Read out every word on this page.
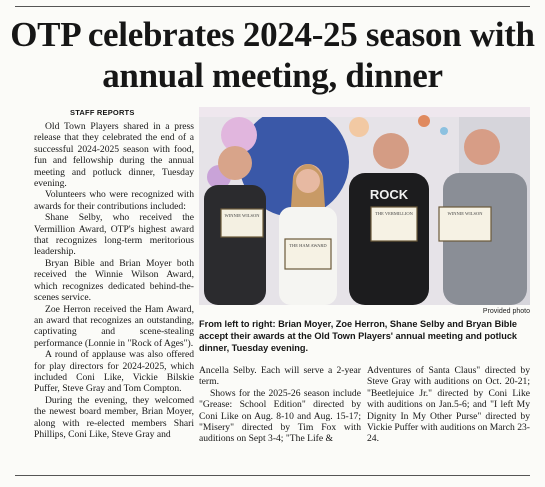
OTP celebrates 2024-25 season with annual meeting, dinner
STAFF REPORTS

Old Town Players shared in a press release that they celebrated the end of a successful 2024-2025 season with food, fun and fellowship during the annual meeting and potluck dinner, Tuesday evening.

Volunteers who were recognized with awards for their contributions included:

Shane Selby, who received the Vermillion Award, OTP's highest award that recognizes long-term meritorious leadership.

Bryan Bible and Brian Moyer both received the Winnie Wilson Award, which recognizes dedicated behind-the-scenes service.

Zoe Herron received the Ham Award, an award that recognizes an outstanding, captivating and scene-stealing performance (Lonnie in "Rock of Ages").

A round of applause was also offered for play directors for 2024-2025, which included Coni Like, Vickie Bilskie Puffer, Steve Gray and Tom Compton.

During the evening, they welcomed the newest board member, Brian Moyer, along with re-elected members Shari Phillips, Coni Like, Steve Gray and

WINNIE WILSON
THE HAM AWARD
ROCK
THE VERMILLION	WINNIE WILSON
Provided photo
From left to right: Brian Moyer, Zoe Herron, Shane Selby and Bryan Bible accept their awards at the Old Town Players' annual meeting and potluck dinner, Tuesday evening.

Ancella Selby. Each will serve a 2-year term.

Shows for the 2025-26 season include "Grease: School Edition" directed by Coni Like on Aug. 8-10 and Aug. 15-17; "Misery" directed by Tim Fox with auditions on Sept 3-4; "The Life &

Adventures of Santa Claus" directed by Steve Gray with auditions on Oct. 20-21; "Beetlejuice Jr." directed by Coni Like with auditions on Jan.5-6; and "I left My Dignity In My Other Purse" directed by Vickie Puffer with auditions on March 23-24.
